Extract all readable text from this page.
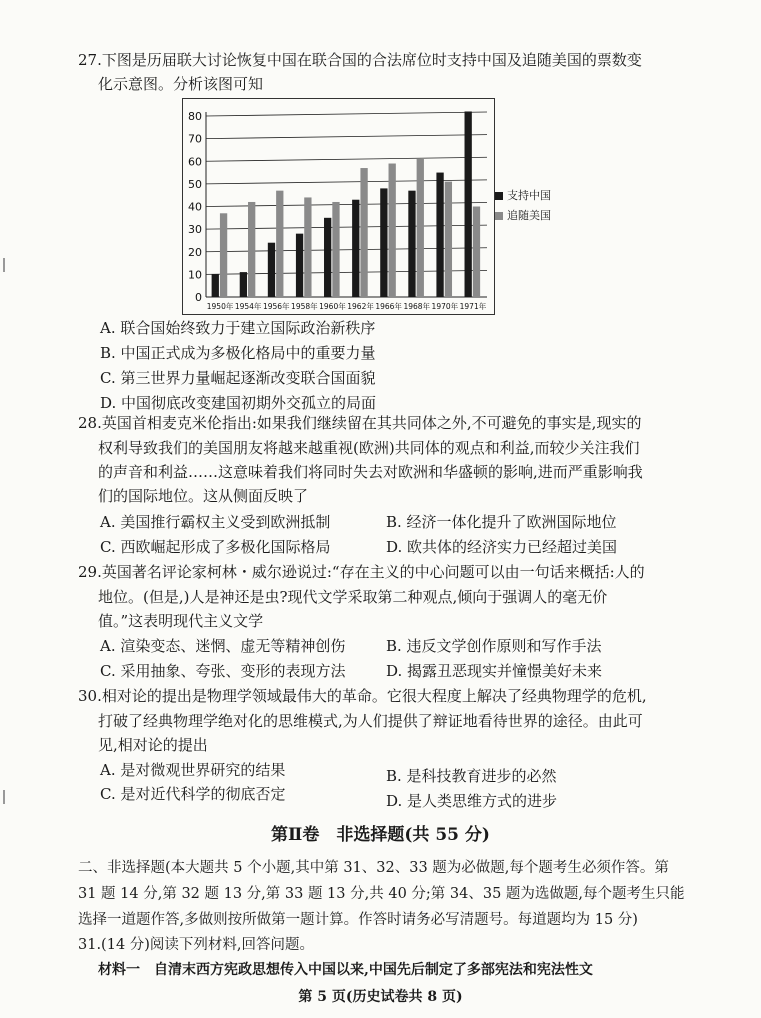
27.下图是历届联大讨论恢复中国在联合国的合法席位时支持中国及追随美国的票数变
化示意图。分析该图可知
0
10
20
30
40
50
60
70
80
1950年 1954年 1956年 1958年 1960年 1962年 1966年 1968年 1970年 1971年
支持中国
追随美国
A. 联合国始终致力于建立国际政治新秩序
B. 中国正式成为多极化格局中的重要力量
C. 第三世界力量崛起逐渐改变联合国面貌
D. 中国彻底改变建国初期外交孤立的局面
28.英国首相麦克米伦指出:如果我们继续留在其共同体之外,不可避免的事实是,现实的
权利导致我们的美国朋友将越来越重视(欧洲)共同体的观点和利益,而较少关注我们
的声音和利益……这意味着我们将同时失去对欧洲和华盛顿的影响,进而严重影响我
们的国际地位。这从侧面反映了
A. 美国推行霸权主义受到欧洲抵制	B. 经济一体化提升了欧洲国际地位
C. 西欧崛起形成了多极化国际格局	D. 欧共体的经济实力已经超过美国
29.英国著名评论家柯林・威尔逊说过:“存在主义的中心问题可以由一句话来概括:人的
地位。(但是,)人是神还是虫?现代文学采取第二种观点,倾向于强调人的毫无价
值。”这表明现代主义文学
A. 渲染变态、迷惘、虚无等精神创伤	B. 违反文学创作原则和写作手法
C. 采用抽象、夸张、变形的表现方法	D. 揭露丑恶现实并憧憬美好未来
30.相对论的提出是物理学领域最伟大的革命。它很大程度上解决了经典物理学的危机,
打破了经典物理学绝对化的思维模式,为人们提供了辩证地看待世界的途径。由此可
见,相对论的提出
A. 是对微观世界研究的结果	B. 是科技教育进步的必然
C. 是对近代科学的彻底否定	D. 是人类思维方式的进步
第Ⅱ卷　非选择题(共 55 分)
二、非选择题(本大题共 5 个小题,其中第 31、32、33 题为必做题,每个题考生必须作答。第
31 题 14 分,第 32 题 13 分,第 33 题 13 分,共 40 分;第 34、35 题为选做题,每个题考生只能
选择一道题作答,多做则按所做第一题计算。作答时请务必写清题号。每道题均为 15 分)
31.(14 分)阅读下列材料,回答问题。
材料一　自清末西方宪政思想传入中国以来,中国先后制定了多部宪法和宪法性文
第 5 页(历史试卷共 8 页)
